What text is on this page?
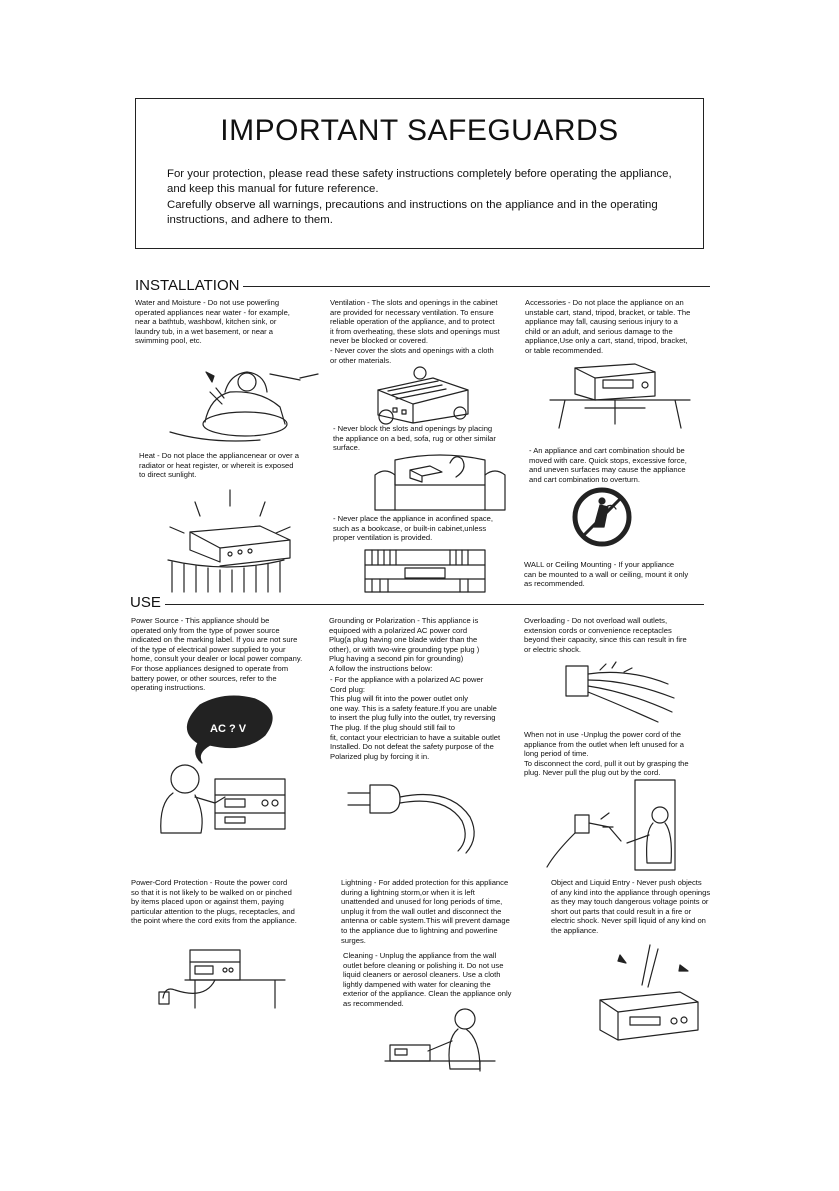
IMPORTANT SAFEGUARDS
For your protection, please read these safety instructions completely before operating the appliance,
and keep this manual for future reference.
Carefully observe all warnings, precautions and instructions on the appliance and in the operating
instructions, and adhere to them.
INSTALLATION
Water and Moisture - Do not use powerling
operated appliances near water - for example,
near a bathtub, washbowl, kitchen sink, or
laundry tub, in a wet basement, or near a
swimming pool, etc.
Heat - Do not place the appliancenear or over a
radiator or heat register, or whereit is exposed
to direct sunlight.
Ventilation - The slots and openings in the cabinet
are provided for necessary ventilation. To ensure
reliable operation of the appliance, and to protect
it from overheating, these slots and openings must
never be blocked or covered.
- Never cover the slots and openings with a cloth
or other materials.
- Never block the slots and openings by placing
the appliance on a bed, sofa, rug or other similar
surface.
- Never place the appliance in aconfined space,
such as a bookcase, or built-in cabinet,unless
proper ventilation is provided.
Accessories - Do not place the appliance on an
unstable cart, stand, tripod, bracket, or table. The
appliance may fall, causing serious injury to a
child or an adult, and serious damage to the
appliance,Use only a cart, stand, tripod, bracket,
or table recommended.
- An appliance and cart combination should be
moved with care. Quick stops, excessive force,
and uneven surfaces may cause the appliance
and cart combination to overturn.
WALL or Ceiling Mounting - If your appliance
can be mounted to a wall or ceiling, mount it only
as recommended.
USE
Power Source - This appliance should be
operated only from the type of power source
indicated on the marking label. If you are not sure
of the type of electrical power supplied to your
home, consult your dealer or local power company.
For those appliances designed to operate from
battery power, or other sources, refer to the
operating instructions.
AC ? V
Power-Cord Protection - Route the power cord
so that it is not likely to be walked on or pinched
by items placed upon or against them, paying
particular attention to the plugs, receptacles, and
the point where the cord exits from the appliance.
Grounding or Polarization - This appliance is
equipoed with a polarized AC power cord
Plug(a plug having one blade wider than the
other), or with two-wire grounding type plug )
Plug having a second pin for grounding)
A follow the instructions below:
- For the appliance with a polarized AC power
Cord plug:
This plug will fit into the power outlet only
one way. This is a safety feature.If you are unable
to insert the plug fully into the outlet, try reversing
The plug. If the plug should still fail to
fit, contact your electrician to have a suitable outlet
Installed. Do not defeat the safety purpose of the
Polarized plug by forcing it in.
Lightning - For added protection for this appliance
during a lightning storm,or when it is left
unattended and unused for long periods of time,
unplug it from the wall outlet and disconnect the
antenna or cable system.This will prevent damage
to the appliance due to lightning and powerline
surges.
Cleaning - Unplug the appliance from the wall
outlet before cleaning or polishing it. Do not use
liquid cleaners or aerosol cleaners. Use a cloth
lightly dampened with water for cleaning the
exterior of the appliance. Clean the appliance only
as recommended.
Overloading - Do not overload wall outlets,
extension cords or convenience receptacles
beyond their capacity, since this can result in fire
or electric shock.
When not in use -Unplug the power cord of the
appliance from the outlet when left unused for a
long period of time.
To disconnect the cord, pull it out by grasping the
plug. Never pull the plug out by the cord.
Object and Liquid Entry - Never push objects
of any kind into the appliance through openings
as they may touch dangerous voltage points or
short out parts that could result in a fire or
electric shock. Never spill liquid of any kind on
the appliance.
